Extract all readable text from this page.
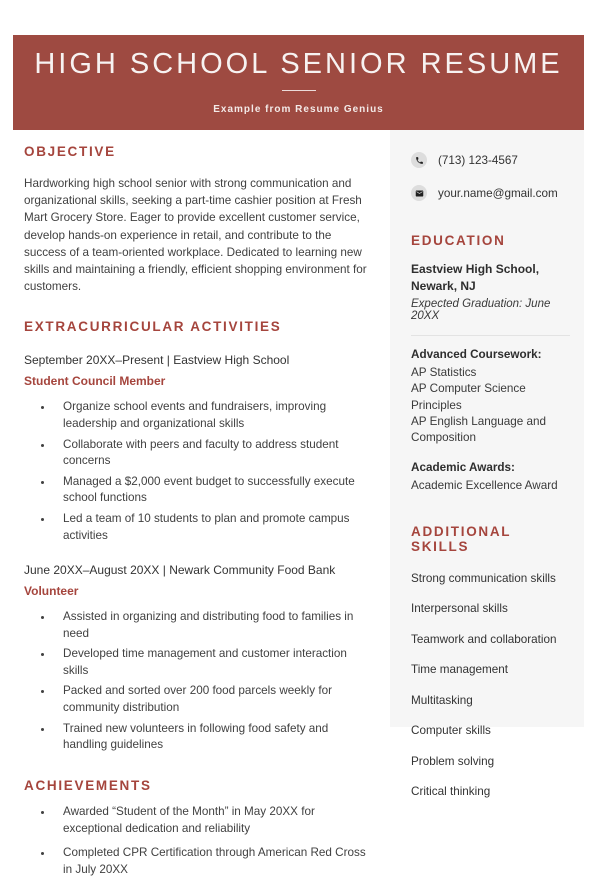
HIGH SCHOOL SENIOR RESUME
Example from Resume Genius
OBJECTIVE

Hardworking high school senior with strong communication and organizational skills, seeking a part-time cashier position at Fresh Mart Grocery Store. Eager to provide excellent customer service, develop hands-on experience in retail, and contribute to the success of a team-oriented workplace. Dedicated to learning new skills and maintaining a friendly, efficient shopping environment for customers.

EXTRACURRICULAR ACTIVITIES
September 20XX–Present | Eastview High School
Student Council Member
• Organize school events and fundraisers, improving leadership and organizational skills
• Collaborate with peers and faculty to address student concerns
• Managed a $2,000 event budget to successfully execute school functions
• Led a team of 10 students to plan and promote campus activities
June 20XX–August 20XX | Newark Community Food Bank
Volunteer
• Assisted in organizing and distributing food to families in need
• Developed time management and customer interaction skills
• Packed and sorted over 200 food parcels weekly for community distribution
• Trained new volunteers in following food safety and handling guidelines
ACHIEVEMENTS
• Awarded “Student of the Month” in May 20XX for exceptional dedication and reliability
• Completed CPR Certification through American Red Cross in July 20XX
(713) 123-4567
your.name@gmail.com
EDUCATION
Eastview High School,
Newark, NJ
Expected Graduation: June 20XX
Advanced Coursework:
AP Statistics
AP Computer Science Principles
AP English Language and Composition
Academic Awards:
Academic Excellence Award
ADDITIONAL SKILLS
Strong communication skills
Interpersonal skills
Teamwork and collaboration
Time management
Multitasking
Computer skills
Problem solving
Critical thinking
